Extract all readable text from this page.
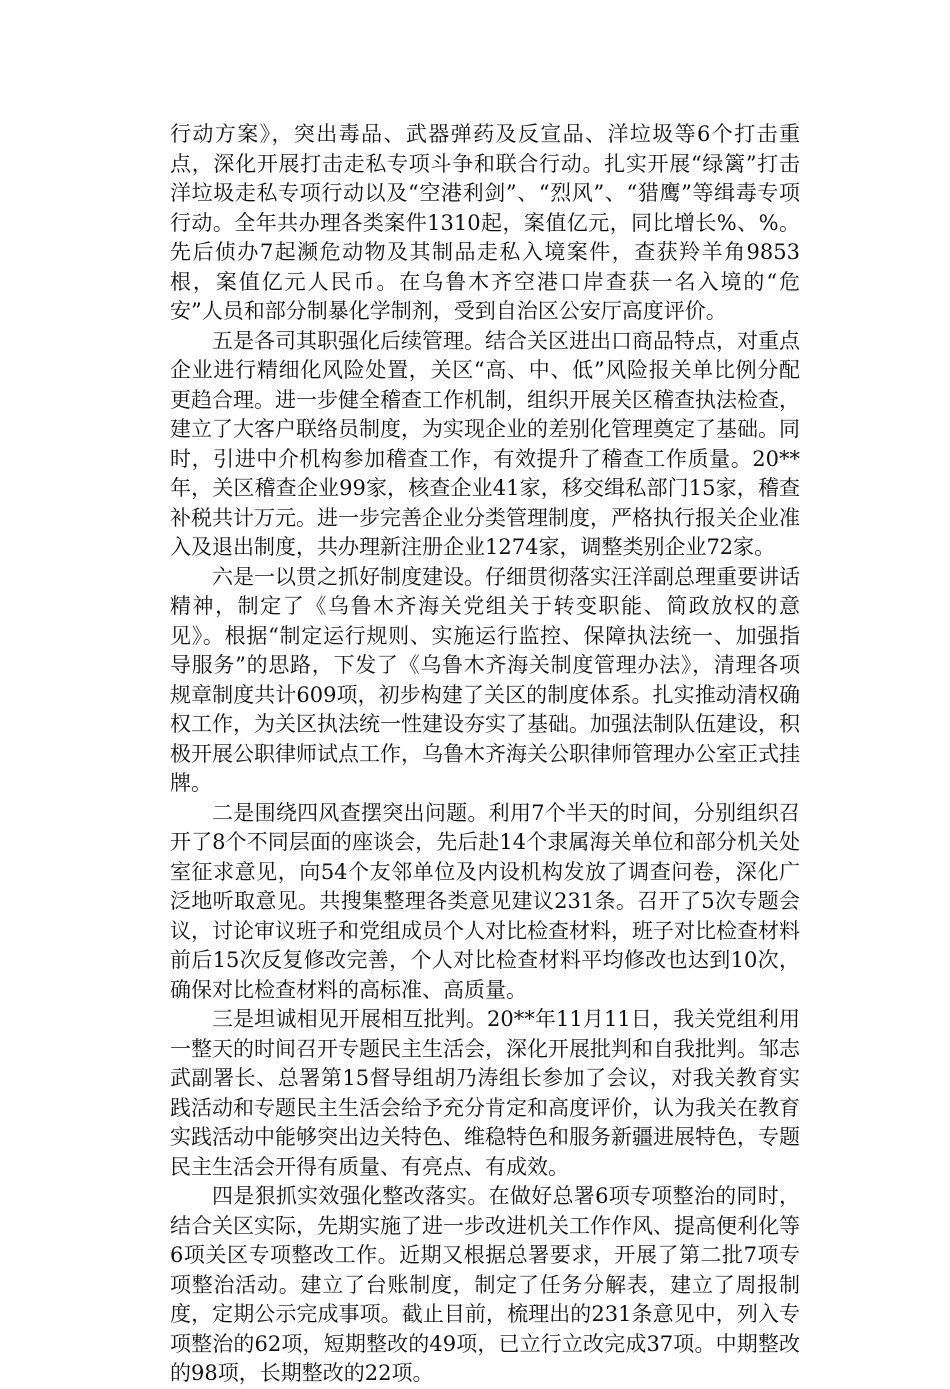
行动方案》，突出毒品、武器弹药及反宣品、洋垃圾等6个打击重点，深化开展打击走私专项斗争和联合行动。扎实开展“绿篱”打击洋垃圾走私专项行动以及“空港利剑”、“烈风”、“猎鹰”等缉毒专项行动。全年共办理各类案件1310起，案值亿元，同比增长%、%。先后侦办7起濒危动物及其制品走私入境案件，查获羚羊角9853根，案值亿元人民币。在乌鲁木齐空港口岸查获一名入境的“危安”人员和部分制暴化学制剂，受到自治区公安厅高度评价。

五是各司其职强化后续管理。结合关区进出口商品特点，对重点企业进行精细化风险处置，关区“高、中、低”风险报关单比例分配更趋合理。进一步健全稽查工作机制，组织开展关区稽查执法检查，建立了大客户联络员制度，为实现企业的差别化管理奠定了基础。同时，引进中介机构参加稽查工作，有效提升了稽查工作质量。20**年，关区稽查企业99家，核查企业41家，移交缉私部门15家，稽查补税共计万元。进一步完善企业分类管理制度，严格执行报关企业准入及退出制度，共办理新注册企业1274家，调整类别企业72家。

六是一以贯之抓好制度建设。仔细贯彻落实汪洋副总理重要讲话精神，制定了《乌鲁木齐海关党组关于转变职能、简政放权的意见》。根据“制定运行规则、实施运行监控、保障执法统一、加强指导服务”的思路，下发了《乌鲁木齐海关制度管理办法》，清理各项规章制度共计609项，初步构建了关区的制度体系。扎实推动清权确权工作，为关区执法统一性建设夯实了基础。加强法制队伍建设，积极开展公职律师试点工作，乌鲁木齐海关公职律师管理办公室正式挂牌。

二是围绕四风查摆突出问题。利用7个半天的时间，分别组织召开了8个不同层面的座谈会，先后赴14个隶属海关单位和部分机关处室征求意见，向54个友邻单位及内设机构发放了调查问卷，深化广泛地听取意见。共搜集整理各类意见建议231条。召开了5次专题会议，讨论审议班子和党组成员个人对比检查材料，班子对比检查材料前后15次反复修改完善，个人对比检查材料平均修改也达到10次，确保对比检查材料的高标准、高质量。

三是坦诚相见开展相互批判。20**年11月11日，我关党组利用一整天的时间召开专题民主生活会，深化开展批判和自我批判。邹志武副署长、总署第15督导组胡乃涛组长参加了会议，对我关教育实践活动和专题民主生活会给予充分肯定和高度评价，认为我关在教育实践活动中能够突出边关特色、维稳特色和服务新疆进展特色，专题民主生活会开得有质量、有亮点、有成效。

四是狠抓实效强化整改落实。在做好总署6项专项整治的同时，结合关区实际，先期实施了进一步改进机关工作作风、提高便利化等6项关区专项整改工作。近期又根据总署要求，开展了第二批7项专项整治活动。建立了台账制度，制定了任务分解表，建立了周报制度，定期公示完成事项。截止目前，梳理出的231条意见中，列入专项整治的62项，短期整改的49项，已立行立改完成37项。中期整改的98项，长期整改的22项。
